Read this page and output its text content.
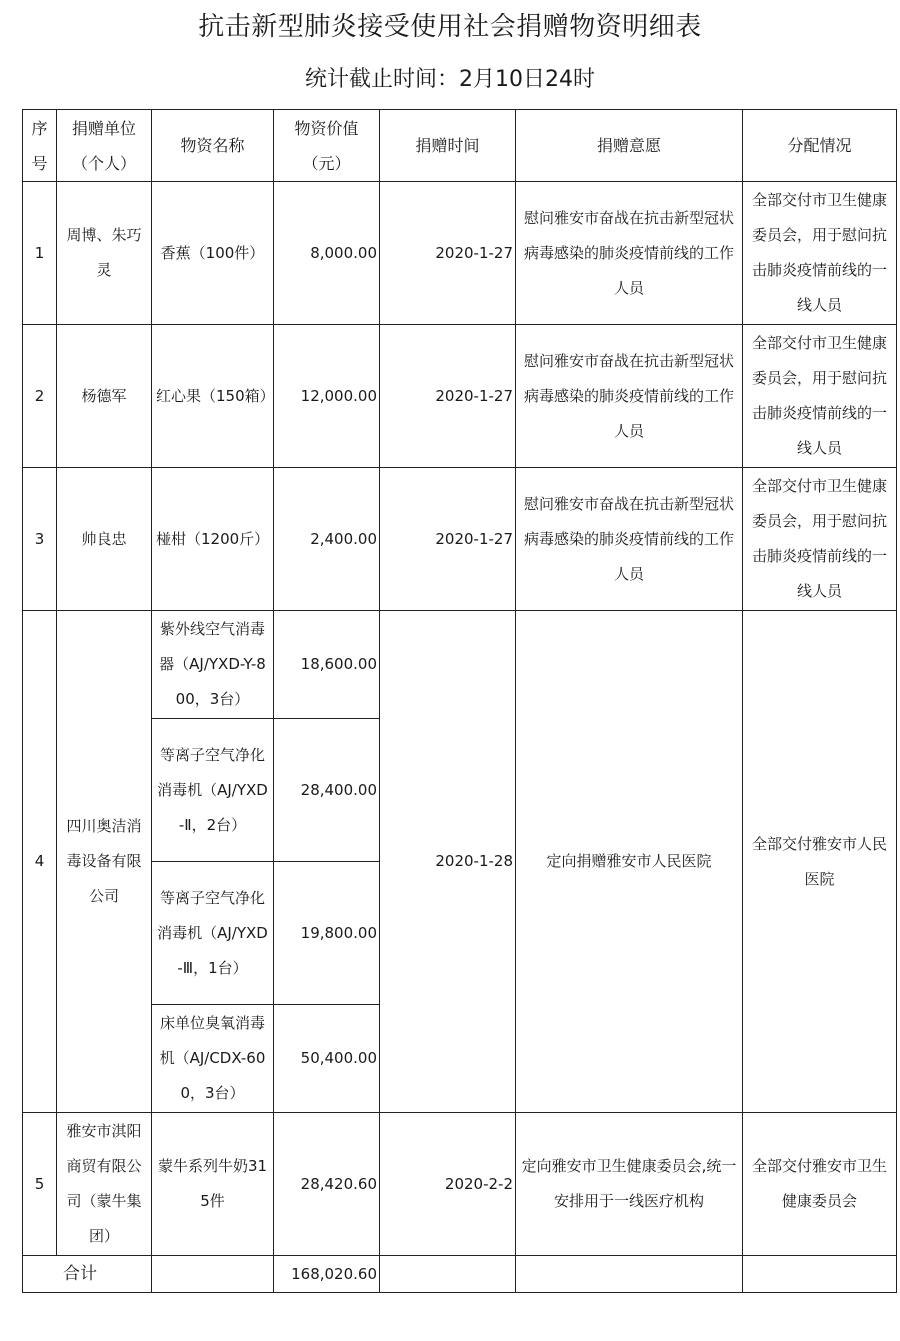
抗击新型肺炎接受使用社会捐赠物资明细表
统计截止时间：2月10日24时
序号	捐赠单位（个人）	物资名称	物资价值（元）	捐赠时间	捐赠意愿	分配情况
1	周博、朱巧灵	香蕉（100件）	8,000.00	2020-1-27	慰问雅安市奋战在抗击新型冠状病毒感染的肺炎疫情前线的工作人员	全部交付市卫生健康委员会，用于慰问抗击肺炎疫情前线的一线人员
2	杨德军	红心果（150箱）	12,000.00	2020-1-27	慰问雅安市奋战在抗击新型冠状病毒感染的肺炎疫情前线的工作人员	全部交付市卫生健康委员会，用于慰问抗击肺炎疫情前线的一线人员
3	帅良忠	椪柑（1200斤）	2,400.00	2020-1-27	慰问雅安市奋战在抗击新型冠状病毒感染的肺炎疫情前线的工作人员	全部交付市卫生健康委员会，用于慰问抗击肺炎疫情前线的一线人员
4	四川奥洁消毒设备有限公司	紫外线空气消毒器（AJ/YXD-Y-800，3台）	18,600.00	2020-1-28	定向捐赠雅安市人民医院	全部交付雅安市人民医院
		等离子空气净化消毒机（AJ/YXD-Ⅱ，2台）	28,400.00			
		等离子空气净化消毒机（AJ/YXD-Ⅲ，1台）	19,800.00			
		床单位臭氧消毒机（AJ/CDX-600，3台）	50,400.00			
5	雅安市淇阳商贸有限公司（蒙牛集团）	蒙牛系列牛奶315件	28,420.60	2020-2-2	定向雅安市卫生健康委员会,统一安排用于一线医疗机构	全部交付雅安市卫生健康委员会
合计			168,020.60			
